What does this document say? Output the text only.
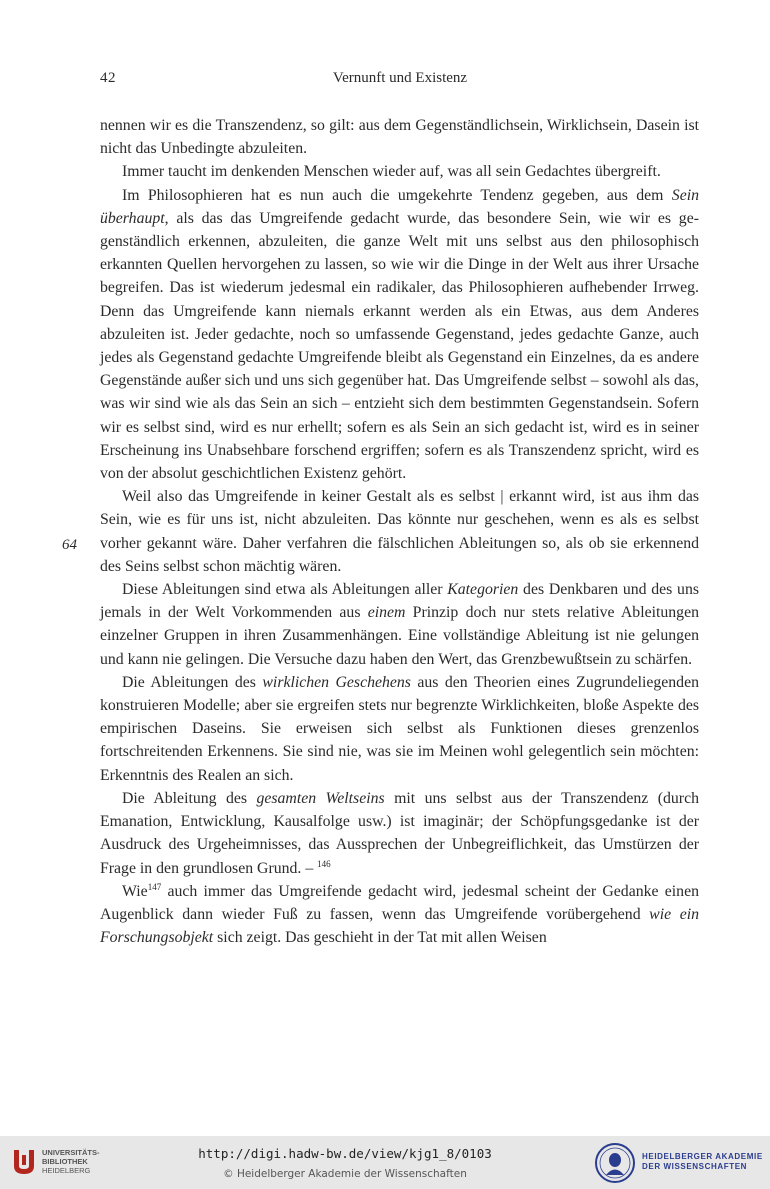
42	Vernunft und Existenz
64

nennen wir es die Transzendenz, so gilt: aus dem Gegenständlichsein, Wirklichsein, Dasein ist nicht das Unbedingte abzuleiten.

Immer taucht im denkenden Menschen wieder auf, was all sein Gedachtes übergreift.

Im Philosophieren hat es nun auch die umgekehrte Tendenz gegeben, aus dem Sein überhaupt, als das das Umgreifende gedacht wurde, das besondere Sein, wie wir es gegenständlich erkennen, abzuleiten, die ganze Welt mit uns selbst aus den philosophisch erkannten Quellen hervorgehen zu lassen, so wie wir die Dinge in der Welt aus ihrer Ursache begreifen. Das ist wiederum jedesmal ein radikaler, das Philosophieren aufhebender Irrweg. Denn das Umgreifende kann niemals erkannt werden als ein Etwas, aus dem Anderes abzuleiten ist. Jeder gedachte, noch so umfassende Gegenstand, jedes gedachte Ganze, auch jedes als Gegenstand gedachte Umgreifende bleibt als Gegenstand ein Einzelnes, da es andere Gegenstände außer sich und uns sich gegenüber hat. Das Umgreifende selbst – sowohl als das, was wir sind wie als das Sein an sich – entzieht sich dem bestimmten Gegenstandsein. Sofern wir es selbst sind, wird es nur erhellt; sofern es als Sein an sich gedacht ist, wird es in seiner Erscheinung ins Unabsehbare forschend ergriffen; sofern es als Transzendenz spricht, wird es von der absolut geschichtlichen Existenz gehört.

Weil also das Umgreifende in keiner Gestalt als es selbst | erkannt wird, ist aus ihm das Sein, wie es für uns ist, nicht abzuleiten. Das könnte nur geschehen, wenn es als es selbst vorher gekannt wäre. Daher verfahren die fälschlichen Ableitungen so, als ob sie erkennend des Seins selbst schon mächtig wären.

Diese Ableitungen sind etwa als Ableitungen aller Kategorien des Denkbaren und des uns jemals in der Welt Vorkommenden aus einem Prinzip doch nur stets relative Ableitungen einzelner Gruppen in ihren Zusammenhängen. Eine vollständige Ableitung ist nie gelungen und kann nie gelingen. Die Versuche dazu haben den Wert, das Grenzbewußtsein zu schärfen.

Die Ableitungen des wirklichen Geschehens aus den Theorien eines Zugrundeliegenden konstruieren Modelle; aber sie ergreifen stets nur begrenzte Wirklichkeiten, bloße Aspekte des empirischen Daseins. Sie erweisen sich selbst als Funktionen dieses grenzenlos fortschreitenden Erkennens. Sie sind nie, was sie im Meinen wohl gelegentlich sein möchten: Erkenntnis des Realen an sich.

Die Ableitung des gesamten Weltseins mit uns selbst aus der Transzendenz (durch Emanation, Entwicklung, Kausalfolge usw.) ist imaginär; der Schöpfungsgedanke ist der Ausdruck des Urgeheimnisses, das Aussprechen der Unbegreiflichkeit, das Umstürzen der Frage in den grundlosen Grund. – $^{146}$

Wie$^{147}$ auch immer das Umgreifende gedacht wird, jedesmal scheint der Gedanke einen Augenblick dann wieder Fuß zu fassen, wenn das Umgreifende vorübergehend wie ein Forschungsobjekt sich zeigt. Das geschieht in der Tat mit allen Weisen

UNIVERSITÄTS-
BIBLIOTHEK
HEIDELBERG
http://digi.hadw-bw.de/view/kjg1_8/0103
© Heidelberger Akademie der Wissenschaften
HEIDELBERGER AKADEMIE
DER WISSENSCHAFTEN
